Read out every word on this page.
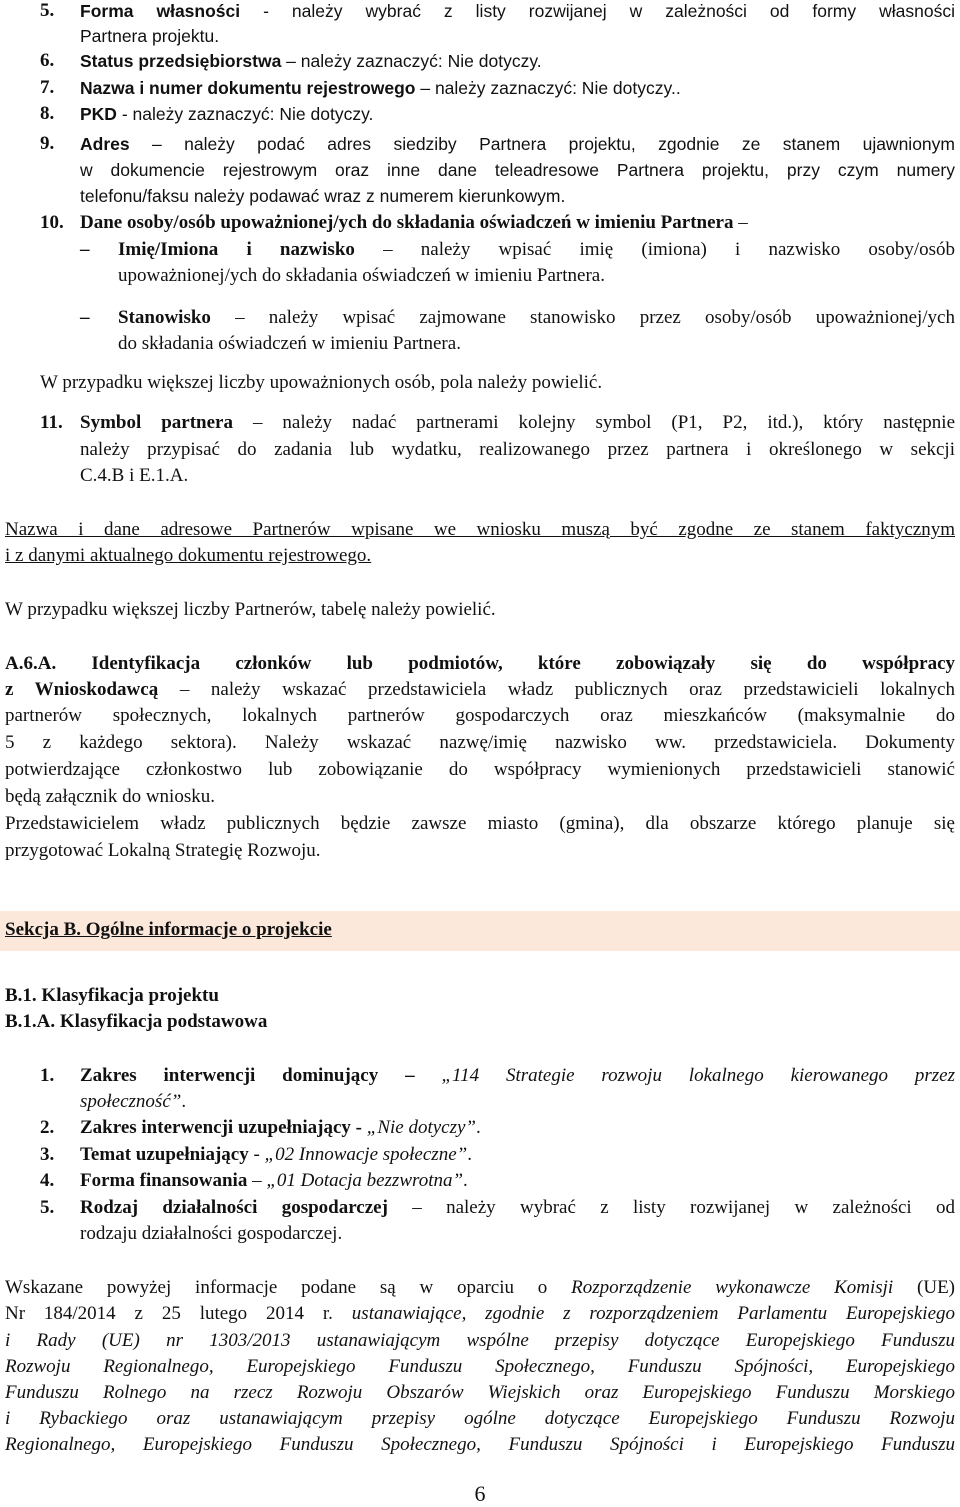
5. Forma własności - należy wybrać z listy rozwijanej w zależności od formy własności
Partnera projektu.
6. Status przedsiębiorstwa – należy zaznaczyć: Nie dotyczy.
7. Nazwa i numer dokumentu rejestrowego – należy zaznaczyć: Nie dotyczy..
8. PKD - należy zaznaczyć: Nie dotyczy.
9. Adres – należy podać adres siedziby Partnera projektu, zgodnie ze stanem ujawnionym
w dokumencie rejestrowym oraz inne dane teleadresowe Partnera projektu, przy czym numery
telefonu/faksu należy podawać wraz z numerem kierunkowym.
10. Dane osoby/osób upoważnionej/ych do składania oświadczeń w imieniu Partnera –
– Imię/Imiona i nazwisko – należy wpisać imię (imiona) i nazwisko osoby/osób
upoważnionej/ych do składania oświadczeń w imieniu Partnera.
– Stanowisko – należy wpisać zajmowane stanowisko przez osoby/osób upoważnionej/ych
do składania oświadczeń w imieniu Partnera.
W przypadku większej liczby upoważnionych osób, pola należy powielić.
11. Symbol partnera – należy nadać partnerami kolejny symbol (P1, P2, itd.), który następnie
należy przypisać do zadania lub wydatku, realizowanego przez partnera i określonego w sekcji
C.4.B i E.1.A.
Nazwa i dane adresowe Partnerów wpisane we wniosku muszą być zgodne ze stanem faktycznym
i z danymi aktualnego dokumentu rejestrowego.
W przypadku większej liczby Partnerów, tabelę należy powielić.
A.6.A. Identyfikacja członków lub podmiotów, które zobowiązały się do współpracy
z Wnioskodawcą – należy wskazać przedstawiciela władz publicznych oraz przedstawicieli lokalnych
partnerów społecznych, lokalnych partnerów gospodarczych oraz mieszkańców (maksymalnie do
5 z każdego sektora). Należy wskazać nazwę/imię nazwisko ww. przedstawiciela. Dokumenty
potwierdzające członkostwo lub zobowiązanie do współpracy wymienionych przedstawicieli stanowić
będą załącznik do wniosku.
Przedstawicielem władz publicznych będzie zawsze miasto (gmina), dla obszarze którego planuje się
przygotować Lokalną Strategię Rozwoju.
Sekcja B. Ogólne informacje o projekcie
B.1. Klasyfikacja projektu
B.1.A. Klasyfikacja podstawowa
1. Zakres interwencji dominujący – „114 Strategie rozwoju lokalnego kierowanego przez
społeczność”.
2. Zakres interwencji uzupełniający - „Nie dotyczy”.
3. Temat uzupełniający - „02 Innowacje społeczne”.
4. Forma finansowania – „01 Dotacja bezzwrotna”.
5. Rodzaj działalności gospodarczej – należy wybrać z listy rozwijanej w zależności od
rodzaju działalności gospodarczej.
Wskazane powyżej informacje podane są w oparciu o Rozporządzenie wykonawcze Komisji (UE)
Nr 184/2014 z 25 lutego 2014 r. ustanawiające, zgodnie z rozporządzeniem Parlamentu Europejskiego
i Rady (UE) nr 1303/2013 ustanawiającym wspólne przepisy dotyczące Europejskiego Funduszu
Rozwoju Regionalnego, Europejskiego Funduszu Społecznego, Funduszu Spójności, Europejskiego
Funduszu Rolnego na rzecz Rozwoju Obszarów Wiejskich oraz Europejskiego Funduszu Morskiego
i Rybackiego oraz ustanawiającym przepisy ogólne dotyczące Europejskiego Funduszu Rozwoju
Regionalnego, Europejskiego Funduszu Społecznego, Funduszu Spójności i Europejskiego Funduszu
6
